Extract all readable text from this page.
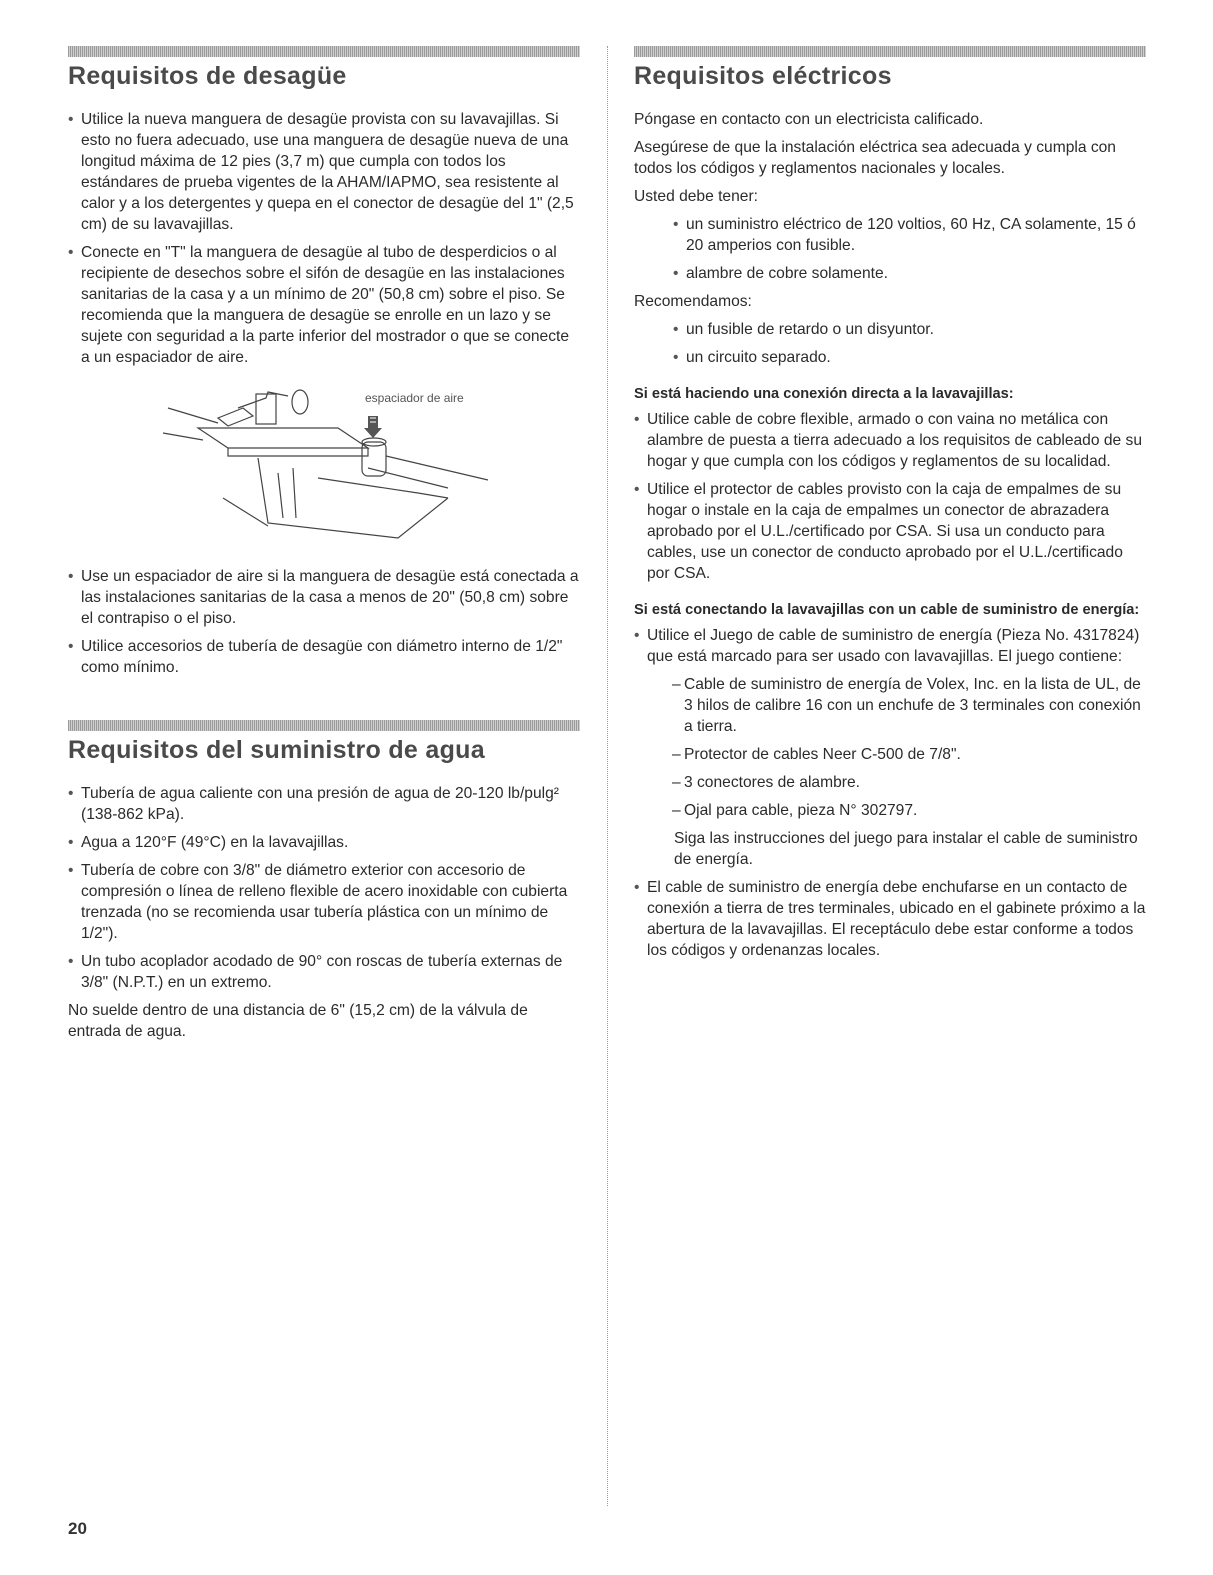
Requisitos de desagüe

• Utilice la nueva manguera de desagüe provista con su lavavajillas. Si esto no fuera adecuado, use una manguera de desagüe nueva de una longitud máxima de 12 pies (3,7 m) que cumpla con todos los estándares de prueba vigentes de la AHAM/IAPMO, sea resistente al calor y a los detergentes y quepa en el conector de desagüe del 1" (2,5 cm) de su lavavajillas.

• Conecte en "T" la manguera de desagüe al tubo de desperdicios o al recipiente de desechos sobre el sifón de desagüe en las instalaciones sanitarias de la casa y a un mínimo de 20" (50,8 cm) sobre el piso. Se recomienda que la manguera de desagüe se enrolle en un lazo y se sujete con seguridad a la parte inferior del mostrador o que se conecte a un espaciador de aire.

espaciador de aire

• Use un espaciador de aire si la manguera de desagüe está conectada a las instalaciones sanitarias de la casa a menos de 20" (50,8 cm) sobre el contrapiso o el piso.

• Utilice accesorios de tubería de desagüe con diámetro interno de 1/2" como mínimo.

Requisitos del suministro de agua

• Tubería de agua caliente con una presión de agua de 20-120 lb/pulg² (138-862 kPa).

• Agua a 120°F (49°C) en la lavavajillas.

• Tubería de cobre con 3/8" de diámetro exterior con accesorio de compresión o línea de relleno flexible de acero inoxidable con cubierta trenzada (no se recomienda usar tubería plástica con un mínimo de 1/2").

• Un tubo acoplador acodado de 90° con roscas de tubería externas de 3/8" (N.P.T.) en un extremo.

No suelde dentro de una distancia de 6" (15,2 cm) de la válvula de entrada de agua.

Requisitos eléctricos

Póngase en contacto con un electricista calificado.

Asegúrese de que la instalación eléctrica sea adecuada y cumpla con todos los códigos y reglamentos nacionales y locales.

Usted debe tener:

• un suministro eléctrico de 120 voltios, 60 Hz, CA solamente, 15 ó 20 amperios con fusible.

• alambre de cobre solamente.

Recomendamos:

• un fusible de retardo o un disyuntor.

• un circuito separado.

Si está haciendo una conexión directa a la lavavajillas:

• Utilice cable de cobre flexible, armado o con vaina no metálica con alambre de puesta a tierra adecuado a los requisitos de cableado de su hogar y que cumpla con los códigos y reglamentos de su localidad.

• Utilice el protector de cables provisto con la caja de empalmes de su hogar o instale en la caja de empalmes un conector de abrazadera aprobado por el U.L./certificado por CSA. Si usa un conducto para cables, use un conector de conducto aprobado por el U.L./certificado por CSA.

Si está conectando la lavavajillas con un cable de suministro de energía:

• Utilice el Juego de cable de suministro de energía (Pieza No. 4317824) que está marcado para ser usado con lavavajillas. El juego contiene:

– Cable de suministro de energía de Volex, Inc. en la lista de UL, de 3 hilos de calibre 16 con un enchufe de 3 terminales con conexión a tierra.

– Protector de cables Neer C-500 de 7/8".

– 3 conectores de alambre.

– Ojal para cable, pieza N° 302797.

Siga las instrucciones del juego para instalar el cable de suministro de energía.

• El cable de suministro de energía debe enchufarse en un contacto de conexión a tierra de tres terminales, ubicado en el gabinete próximo a la abertura de la lavavajillas. El receptáculo debe estar conforme a todos los códigos y ordenanzas locales.

20
